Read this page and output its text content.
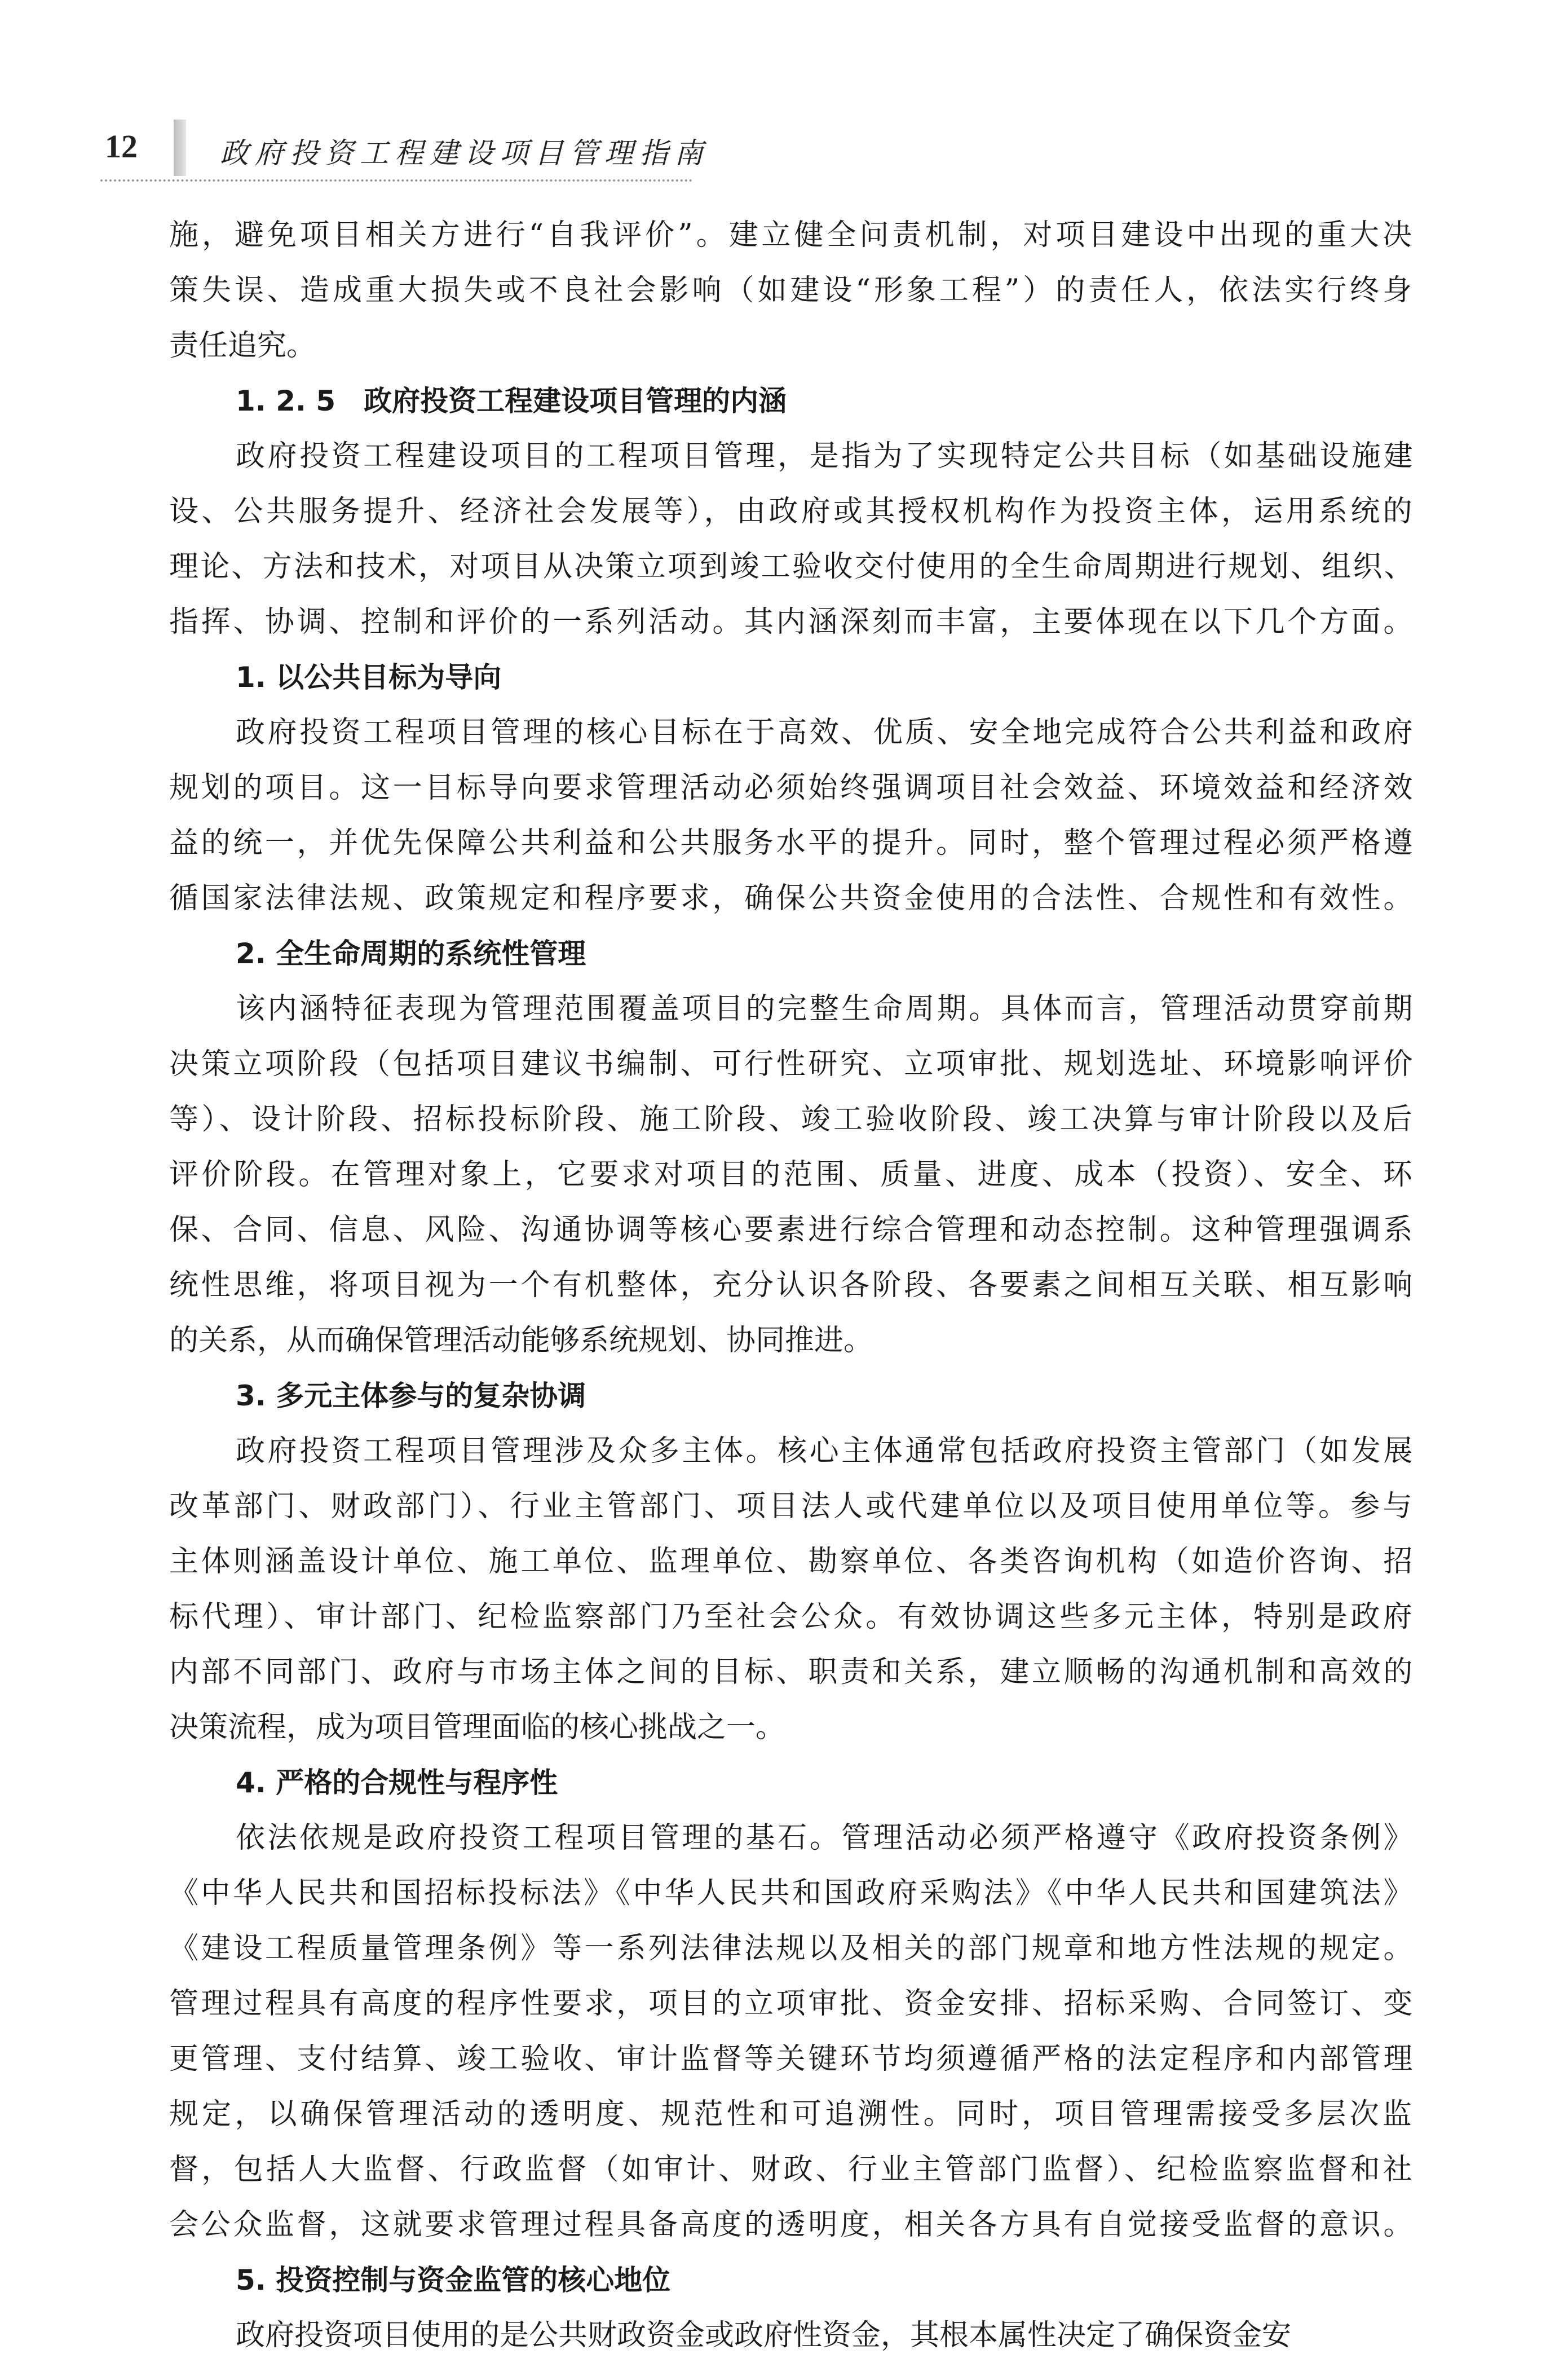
12	政府投资工程建设项目管理指南
施，避免项目相关方进行“自我评价”。建立健全问责机制，对项目建设中出现的重大决
策失误、造成重大损失或不良社会影响（如建设“形象工程”）的责任人，依法实行终身
责任追究。
1. 2. 5　政府投资工程建设项目管理的内涵
政府投资工程建设项目的工程项目管理，是指为了实现特定公共目标（如基础设施建
设、公共服务提升、经济社会发展等），由政府或其授权机构作为投资主体，运用系统的
理论、方法和技术，对项目从决策立项到竣工验收交付使用的全生命周期进行规划、组织、
指挥、协调、控制和评价的一系列活动。其内涵深刻而丰富，主要体现在以下几个方面。
1. 以公共目标为导向
政府投资工程项目管理的核心目标在于高效、优质、安全地完成符合公共利益和政府
规划的项目。这一目标导向要求管理活动必须始终强调项目社会效益、环境效益和经济效
益的统一，并优先保障公共利益和公共服务水平的提升。同时，整个管理过程必须严格遵
循国家法律法规、政策规定和程序要求，确保公共资金使用的合法性、合规性和有效性。
2. 全生命周期的系统性管理
该内涵特征表现为管理范围覆盖项目的完整生命周期。具体而言，管理活动贯穿前期
决策立项阶段（包括项目建议书编制、可行性研究、立项审批、规划选址、环境影响评价
等）、设计阶段、招标投标阶段、施工阶段、竣工验收阶段、竣工决算与审计阶段以及后
评价阶段。在管理对象上，它要求对项目的范围、质量、进度、成本（投资）、安全、环
保、合同、信息、风险、沟通协调等核心要素进行综合管理和动态控制。这种管理强调系
统性思维，将项目视为一个有机整体，充分认识各阶段、各要素之间相互关联、相互影响
的关系，从而确保管理活动能够系统规划、协同推进。
3. 多元主体参与的复杂协调
政府投资工程项目管理涉及众多主体。核心主体通常包括政府投资主管部门（如发展
改革部门、财政部门）、行业主管部门、项目法人或代建单位以及项目使用单位等。参与
主体则涵盖设计单位、施工单位、监理单位、勘察单位、各类咨询机构（如造价咨询、招
标代理）、审计部门、纪检监察部门乃至社会公众。有效协调这些多元主体，特别是政府
内部不同部门、政府与市场主体之间的目标、职责和关系，建立顺畅的沟通机制和高效的
决策流程，成为项目管理面临的核心挑战之一。
4. 严格的合规性与程序性
依法依规是政府投资工程项目管理的基石。管理活动必须严格遵守《政府投资条例》
《中华人民共和国招标投标法》《中华人民共和国政府采购法》《中华人民共和国建筑法》
《建设工程质量管理条例》等一系列法律法规以及相关的部门规章和地方性法规的规定。
管理过程具有高度的程序性要求，项目的立项审批、资金安排、招标采购、合同签订、变
更管理、支付结算、竣工验收、审计监督等关键环节均须遵循严格的法定程序和内部管理
规定，以确保管理活动的透明度、规范性和可追溯性。同时，项目管理需接受多层次监
督，包括人大监督、行政监督（如审计、财政、行业主管部门监督）、纪检监察监督和社
会公众监督，这就要求管理过程具备高度的透明度，相关各方具有自觉接受监督的意识。
5. 投资控制与资金监管的核心地位
政府投资项目使用的是公共财政资金或政府性资金，其根本属性决定了确保资金安
